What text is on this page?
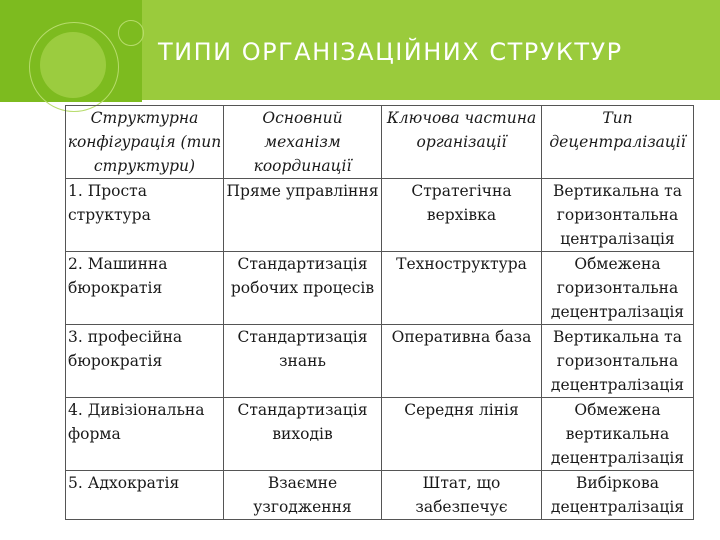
ТИПИ ОРГАНІЗАЦІЙНИХ СТРУКТУР
Структурна конфігурація (тип структури)	Основний механізм координації	Ключова частина організації	Тип децентралізації
1. Проста структура	Пряме управління	Стратегічна верхівка	Вертикальна та горизонтальна централізація
2. Машинна бюрократія	Стандартизація робочих процесів	Техноструктура	Обмежена горизонтальна децентралізація
3. професійна бюрократія	Стандартизація знань	Оперативна база	Вертикальна та горизонтальна децентралізація
4. Дивізіональна форма	Стандартизація виходів	Середня лінія	Обмежена вертикальна децентралізація
5. Адхократія	Взаємне узгодження	Штат, що забезпечує	Вибіркова децентралізація
